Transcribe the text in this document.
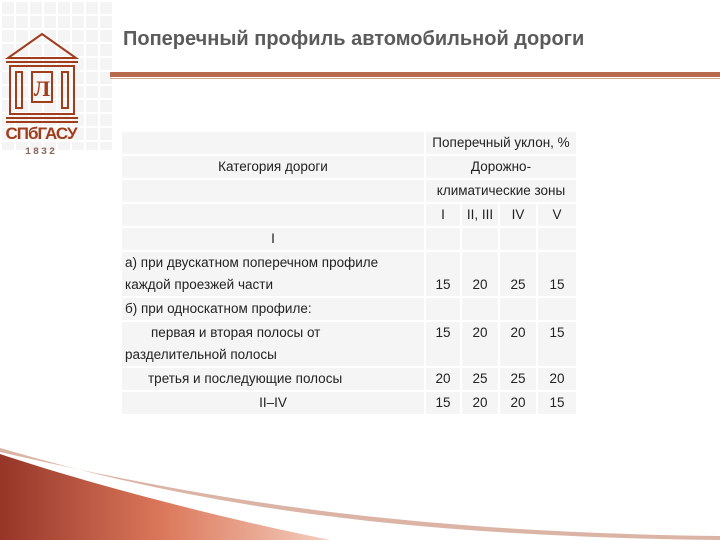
Л
СПбГАСУ
1832
Поперечный профиль автомобильной дороги
	Поперечный уклон, %			
Категория дороги	Дорожно-			
	климатические зоны			
	I	II, III	IV	V
I				

а) при двускатном поперечном профиле
каждой проезжей части	15	20	25	15
б) при односкатном профиле:				

первая и вторая полосы от
разделительной полосы	15	20	20	15
третья и последующие полосы	20	25	25	20
II–IV	15	20	20	15
